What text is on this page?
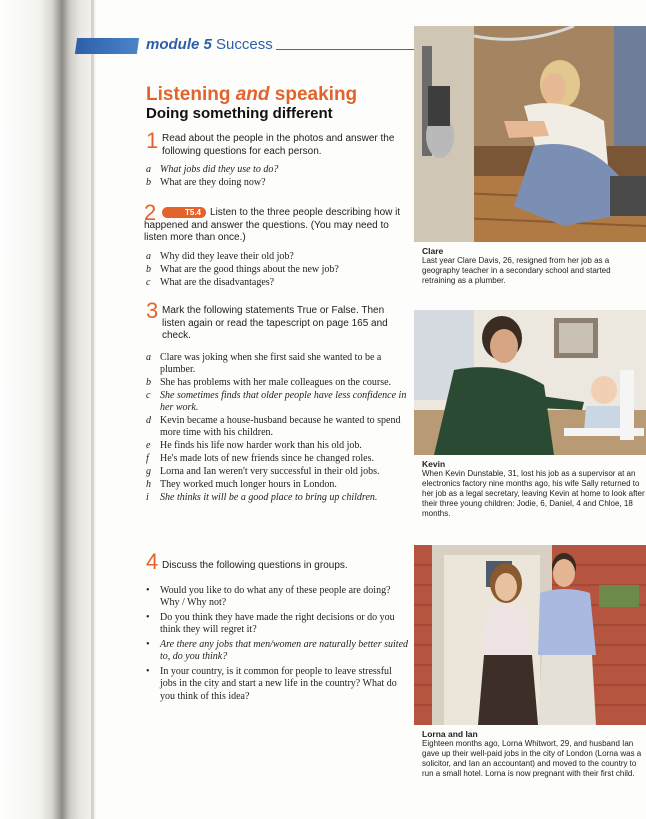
module 5 Success
Listening and speaking
Doing something different
1 Read about the people in the photos and answer the following questions for each person.
a What jobs did they use to do?
b What are they doing now?
2	T5.4 Listen to the three people describing how it happened and answer the questions. (You may need to listen more than once.)
a Why did they leave their old job?
b What are the good things about the new job?
c What are the disadvantages?
3 Mark the following statements True or False. Then listen again or read the tapescript on page 165 and check.
a Clare was joking when she first said she wanted to be a plumber.
b She has problems with her male colleagues on the course.
c She sometimes finds that older people have less confidence in her work.
d Kevin became a house-husband because he wanted to spend more time with his children.
e He finds his life now harder work than his old job.
f He's made lots of new friends since he changed roles.
g Lorna and Ian weren't very successful in their old jobs.
h They worked much longer hours in London.
i She thinks it will be a good place to bring up children.
4 Discuss the following questions in groups.
• Would you like to do what any of these people are doing? Why / Why not?
• Do you think they have made the right decisions or do you think they will regret it?
• Are there any jobs that men/women are naturally better suited to, do you think?
• In your country, is it common for people to leave stressful jobs in the city and start a new life in the country? What do you think of this idea?
Clare
Last year Clare Davis, 26, resigned from her job as a geography teacher in a secondary school and started retraining as a plumber.
Kevin
When Kevin Dunstable, 31, lost his job as a supervisor at an electronics factory nine months ago, his wife Sally returned to her job as a legal secretary, leaving Kevin at home to look after their three young children: Jodie, 6, Daniel, 4 and Chloe, 18 months.
Lorna and Ian
Eighteen months ago, Lorna Whitwort, 29, and husband Ian gave up their well-paid jobs in the city of London (Lorna was a solicitor, and Ian an accountant) and moved to the country to run a small hotel. Lorna is now pregnant with their first child.
